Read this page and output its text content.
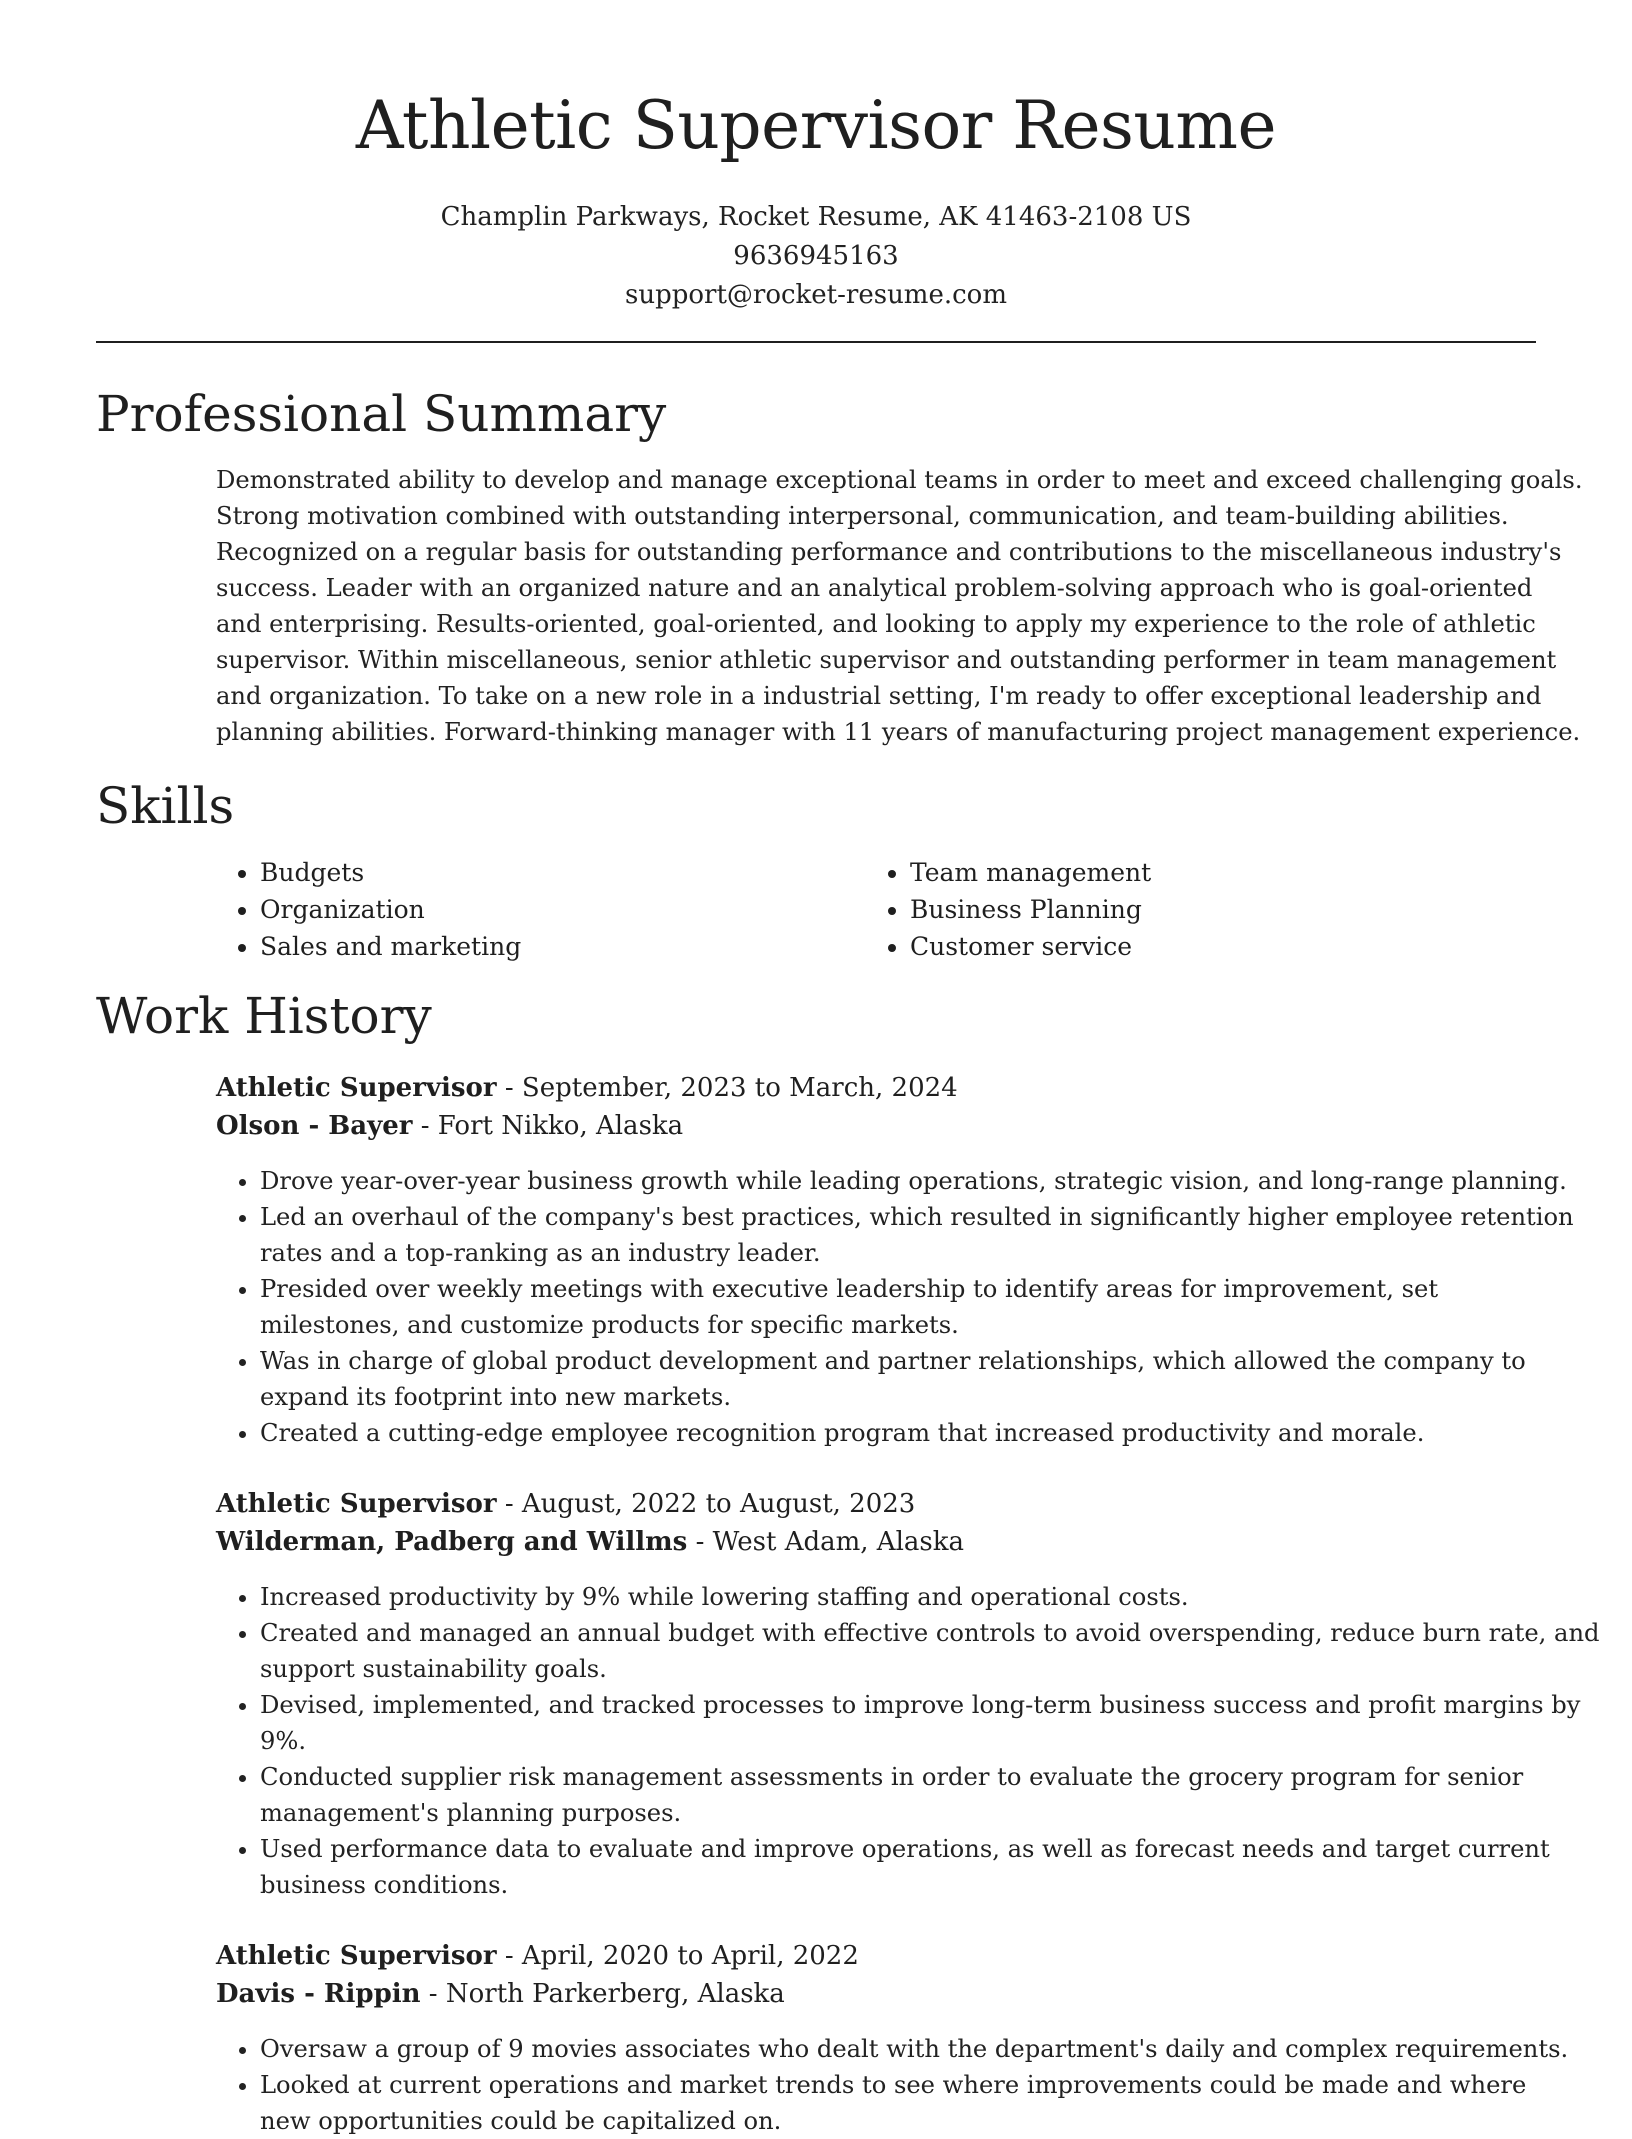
Athletic Supervisor Resume
Champlin Parkways, Rocket Resume, AK 41463-2108 US
9636945163
support@rocket-resume.com
Professional Summary
Demonstrated ability to develop and manage exceptional teams in order to meet and exceed challenging goals.
Strong motivation combined with outstanding interpersonal, communication, and team-building abilities.
Recognized on a regular basis for outstanding performance and contributions to the miscellaneous industry's
success. Leader with an organized nature and an analytical problem-solving approach who is goal-oriented
and enterprising. Results-oriented, goal-oriented, and looking to apply my experience to the role of athletic
supervisor. Within miscellaneous, senior athletic supervisor and outstanding performer in team management
and organization. To take on a new role in a industrial setting, I'm ready to offer exceptional leadership and
planning abilities. Forward-thinking manager with 11 years of manufacturing project management experience.
Skills
• Budgets
• Organization
• Sales and marketing
• Team management
• Business Planning
• Customer service
Work History
Athletic Supervisor - September, 2023 to March, 2024
Olson - Bayer - Fort Nikko, Alaska
• Drove year-over-year business growth while leading operations, strategic vision, and long-range planning.
• Led an overhaul of the company's best practices, which resulted in significantly higher employee retention
rates and a top-ranking as an industry leader.
• Presided over weekly meetings with executive leadership to identify areas for improvement, set
milestones, and customize products for specific markets.
• Was in charge of global product development and partner relationships, which allowed the company to
expand its footprint into new markets.
• Created a cutting-edge employee recognition program that increased productivity and morale.
Athletic Supervisor - August, 2022 to August, 2023
Wilderman, Padberg and Willms - West Adam, Alaska
• Increased productivity by 9% while lowering staffing and operational costs.
• Created and managed an annual budget with effective controls to avoid overspending, reduce burn rate, and
support sustainability goals.
• Devised, implemented, and tracked processes to improve long-term business success and profit margins by
9%.
• Conducted supplier risk management assessments in order to evaluate the grocery program for senior
management's planning purposes.
• Used performance data to evaluate and improve operations, as well as forecast needs and target current
business conditions.
Athletic Supervisor - April, 2020 to April, 2022
Davis - Rippin - North Parkerberg, Alaska
• Oversaw a group of 9 movies associates who dealt with the department's daily and complex requirements.
• Looked at current operations and market trends to see where improvements could be made and where
new opportunities could be capitalized on.
